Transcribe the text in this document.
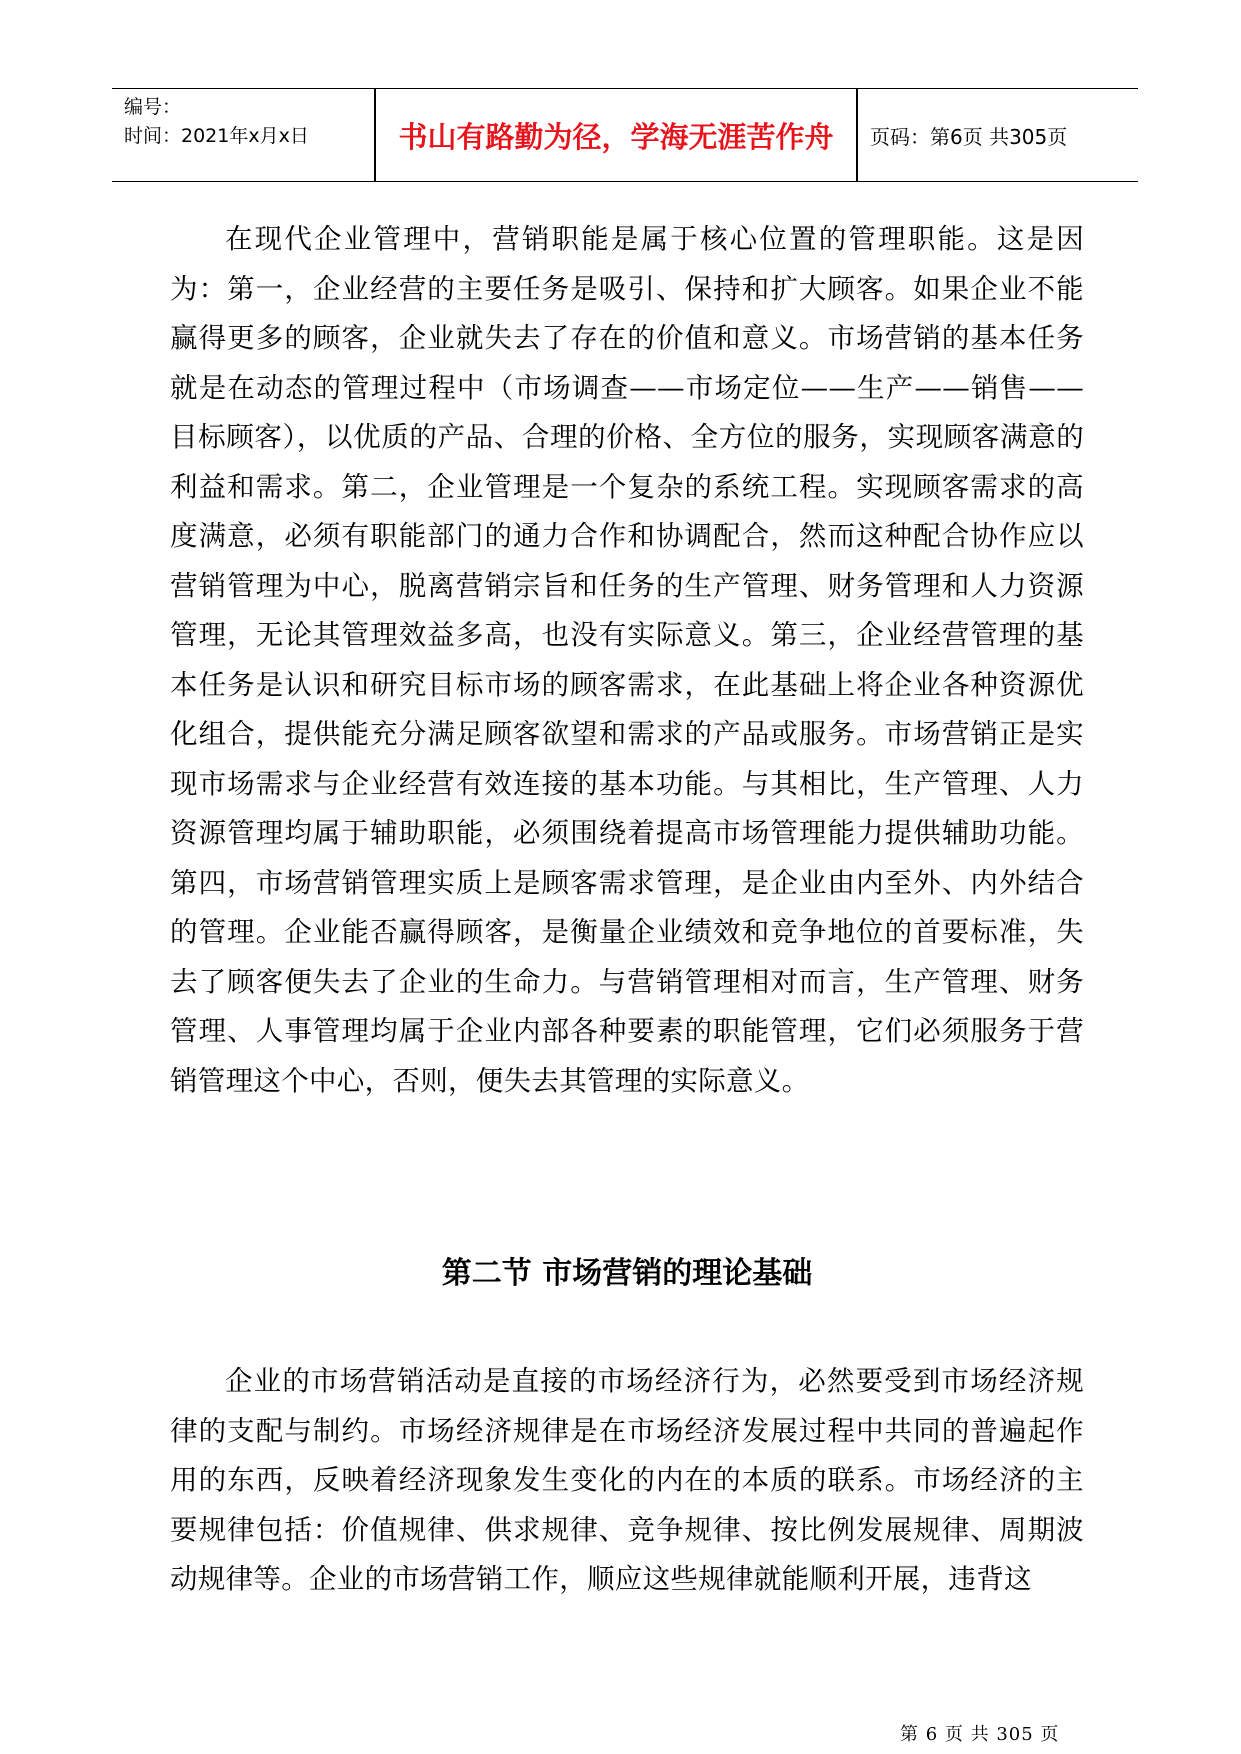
编号：
时间：2021年x月x日	书山有路勤为径，学海无涯苦作舟	页码：第6页 共305页

在现代企业管理中，营销职能是属于核心位置的管理职能。这是因为：第一，企业经营的主要任务是吸引、保持和扩大顾客。如果企业不能赢得更多的顾客，企业就失去了存在的价值和意义。市场营销的基本任务就是在动态的管理过程中（市场调查——市场定位——生产——销售——目标顾客），以优质的产品、合理的价格、全方位的服务，实现顾客满意的利益和需求。第二，企业管理是一个复杂的系统工程。实现顾客需求的高度满意，必须有职能部门的通力合作和协调配合，然而这种配合协作应以营销管理为中心，脱离营销宗旨和任务的生产管理、财务管理和人力资源管理，无论其管理效益多高，也没有实际意义。第三，企业经营管理的基本任务是认识和研究目标市场的顾客需求，在此基础上将企业各种资源优化组合，提供能充分满足顾客欲望和需求的产品或服务。市场营销正是实现市场需求与企业经营有效连接的基本功能。与其相比，生产管理、人力资源管理均属于辅助职能，必须围绕着提高市场管理能力提供辅助功能。第四，市场营销管理实质上是顾客需求管理，是企业由内至外、内外结合的管理。企业能否赢得顾客，是衡量企业绩效和竞争地位的首要标准，失去了顾客便失去了企业的生命力。与营销管理相对而言，生产管理、财务管理、人事管理均属于企业内部各种要素的职能管理，它们必须服务于营销管理这个中心，否则，便失去其管理的实际意义。

第二节 市场营销的理论基础

企业的市场营销活动是直接的市场经济行为，必然要受到市场经济规律的支配与制约。市场经济规律是在市场经济发展过程中共同的普遍起作用的东西，反映着经济现象发生变化的内在的本质的联系。市场经济的主要规律包括：价值规律、供求规律、竞争规律、按比例发展规律、周期波动规律等。企业的市场营销工作，顺应这些规律就能顺利开展，违背这

第 6 页 共 305 页
